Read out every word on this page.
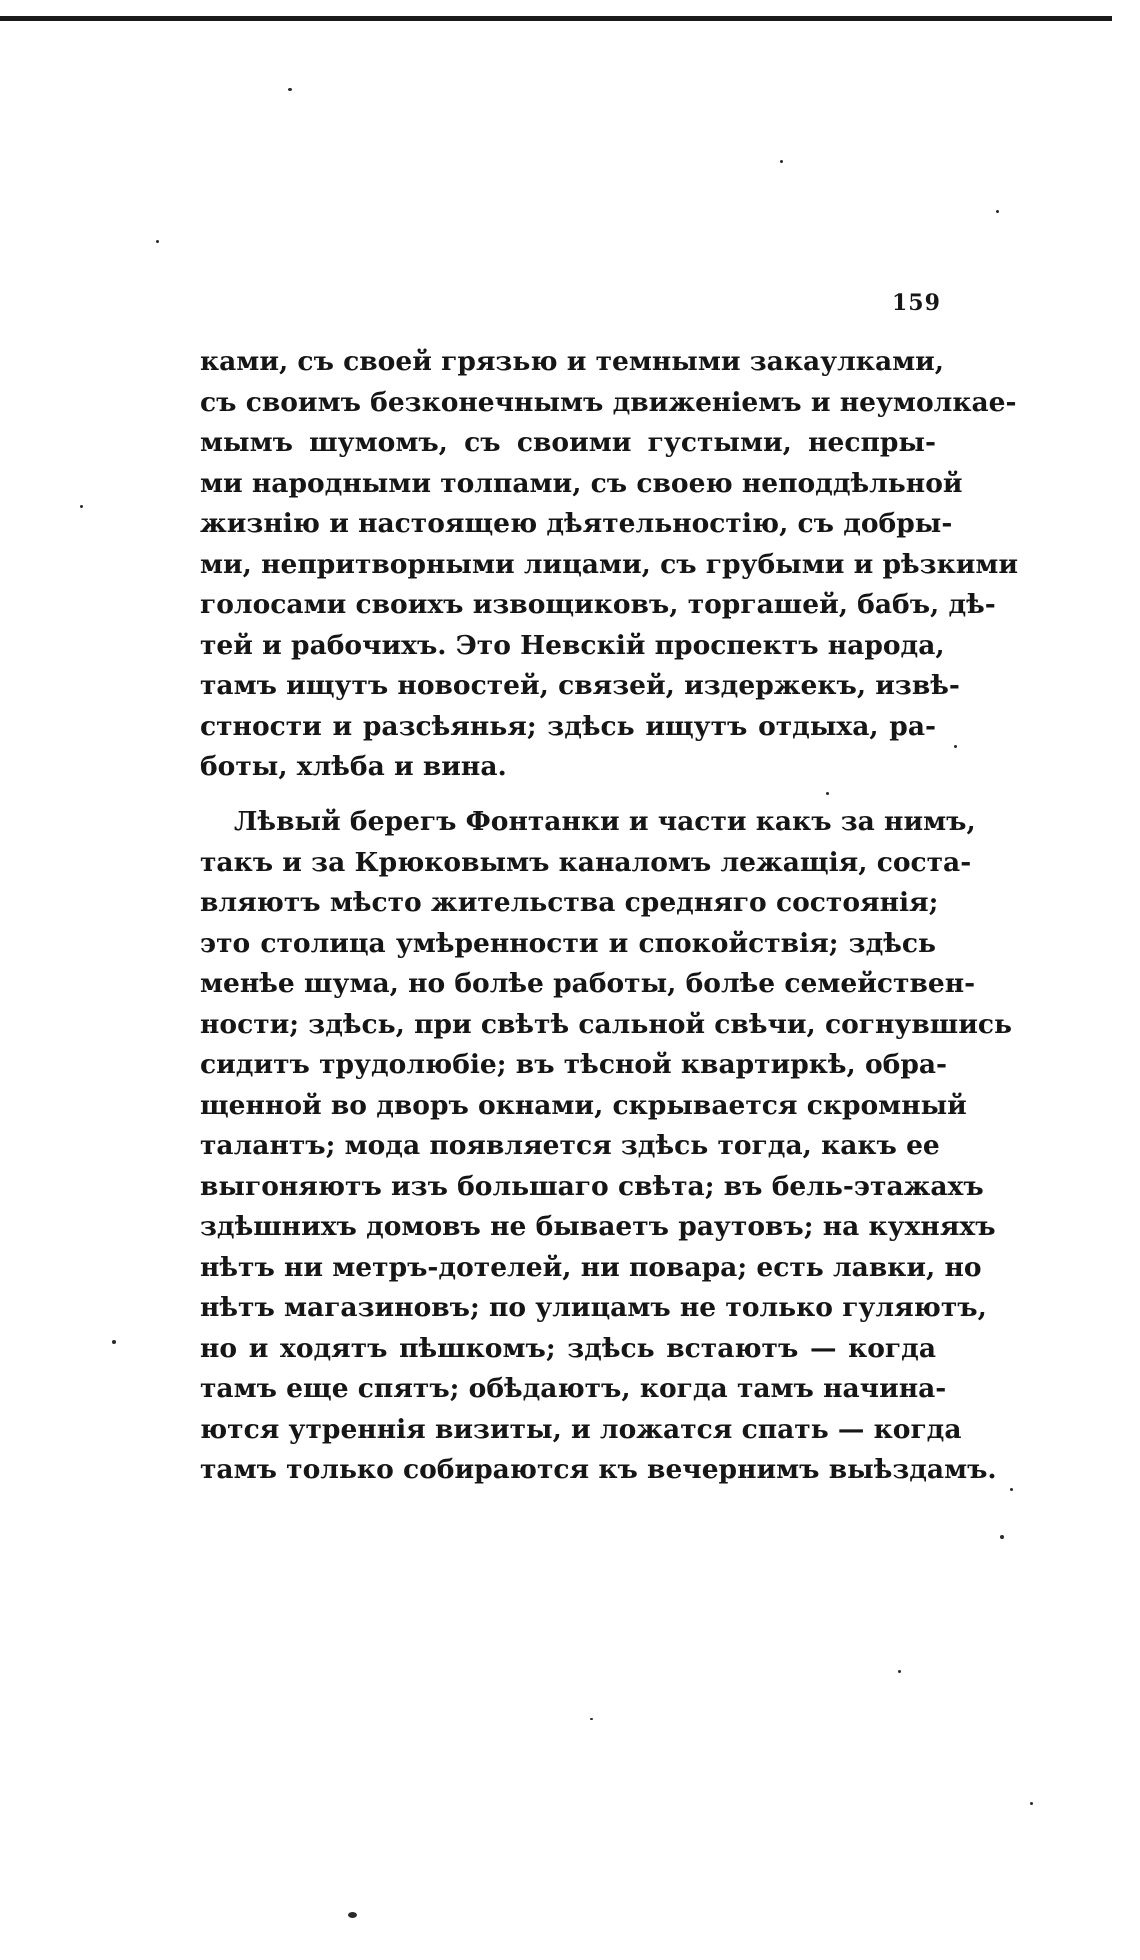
159
ками, съ своей грязью и темными закаулками,
съ своимъ безконечнымъ движеніемъ и неумолкае-
мымъ шумомъ, съ своими густыми, неспры-
ми народными толпами, съ своею неподдѣльной
жизнію и настоящею дѣятельностію, съ добры-
ми, непритворными лицами, съ грубыми и рѣзкими
голосами своихъ извощиковъ, торгашей, бабъ, дѣ-
тей и рабочихъ. Это Невскій проспектъ народа,
тамъ ищутъ новостей, связей, издержекъ, извѣ-
стности и разсѣянья; здѣсь ищутъ отдыха, ра-
боты, хлѣба и вина.
Лѣвый берегъ Фонтанки и части какъ за нимъ,
такъ и за Крюковымъ каналомъ лежащія, соста-
вляютъ мѣсто жительства средняго состоянія;
это столица умѣренности и спокойствія; здѣсь
менѣе шума, но болѣе работы, болѣе семействен-
ности; здѣсь, при свѣтѣ сальной свѣчи, согнувшись
сидитъ трудолюбіе; въ тѣсной квартиркѣ, обра-
щенной во дворъ окнами, скрывается скромный
талантъ; мода появляется здѣсь тогда, какъ ее
выгоняютъ изъ большаго свѣта; въ бель-этажахъ
здѣшнихъ домовъ не бываетъ раутовъ; на кухняхъ
нѣтъ ни метръ-дотелей, ни повара; есть лавки, но
нѣтъ магазиновъ; по улицамъ не только гуляютъ,
но и ходятъ пѣшкомъ; здѣсь встаютъ — когда
тамъ еще спятъ; обѣдаютъ, когда тамъ начина-
ются утреннія визиты, и ложатся спать — когда
тамъ только собираются къ вечернимъ выѣздамъ.
